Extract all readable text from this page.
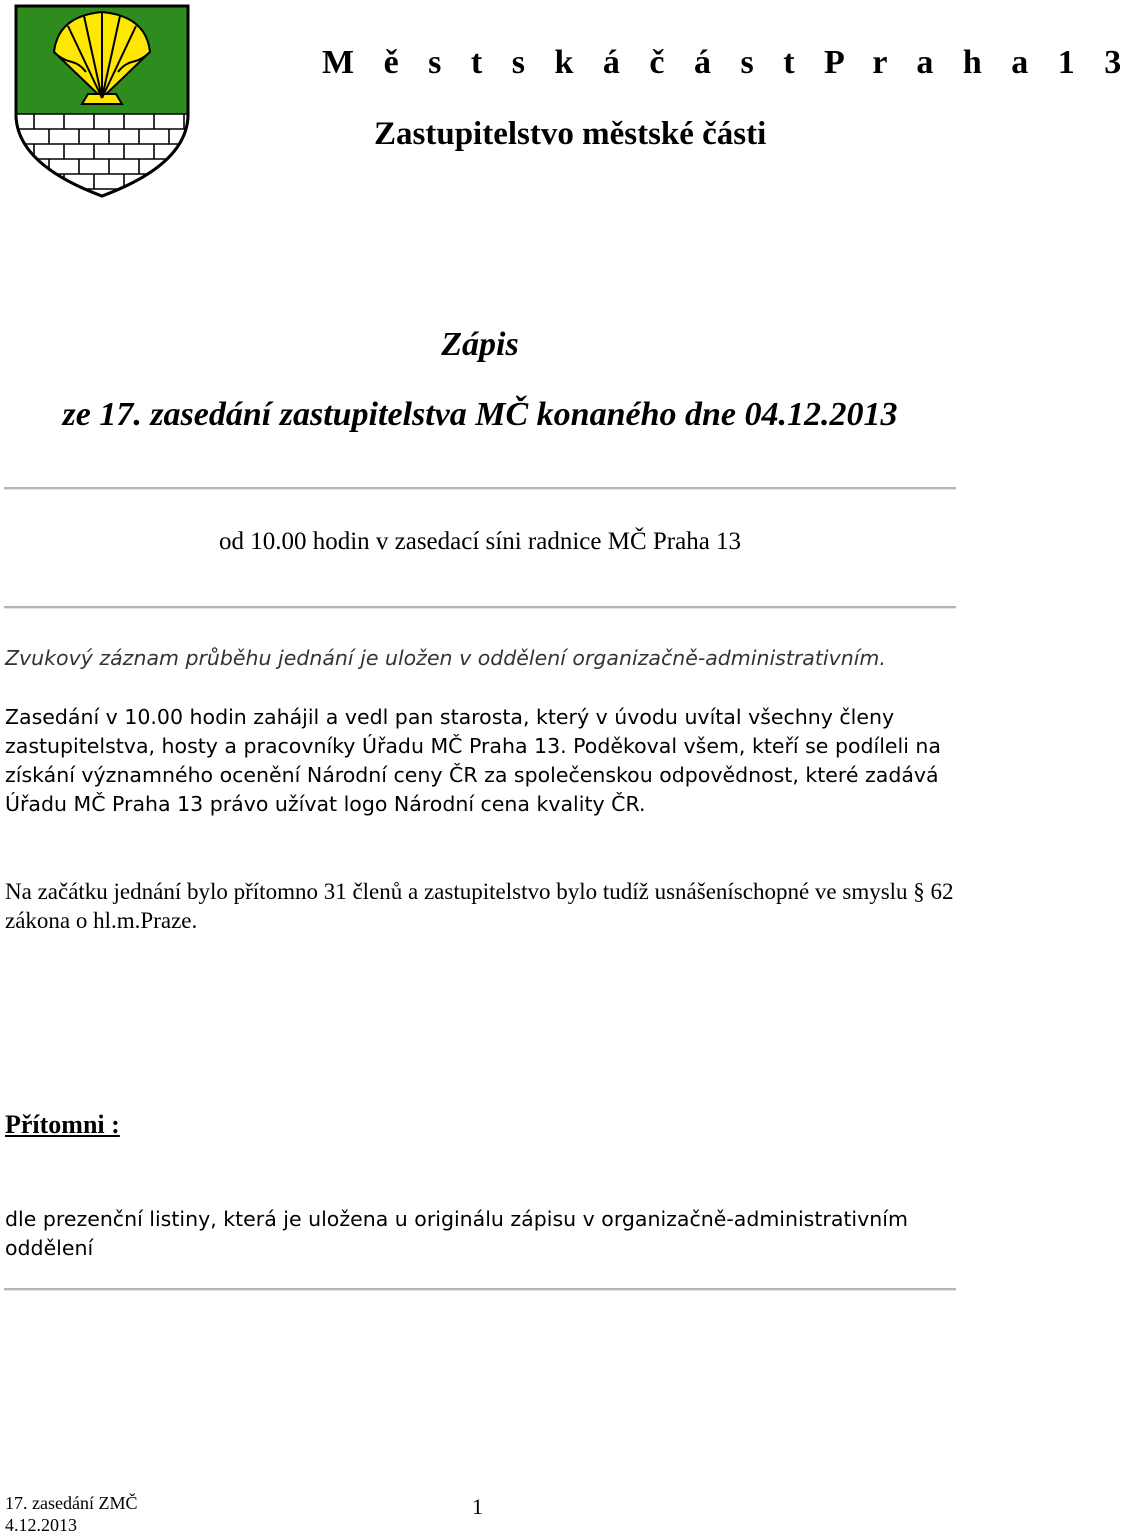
M ě s t s k á č á s t P r a h a 1 3
Zastupitelstvo městské části
Zápis
ze 17. zasedání zastupitelstva MČ konaného dne 04.12.2013
od 10.00 hodin v zasedací síni radnice MČ Praha 13
Zvukový záznam průběhu jednání je uložen v oddělení organizačně-administrativním.
Zasedání v 10.00 hodin zahájil a vedl pan starosta, který v úvodu uvítal všechny členy zastupitelstva, hosty a pracovníky Úřadu MČ Praha 13. Poděkoval všem, kteří se podíleli na získání významného ocenění Národní ceny ČR za společenskou odpovědnost, které zadává Úřadu MČ Praha 13 právo užívat logo Národní cena kvality ČR.
Na začátku jednání bylo přítomno 31 členů a zastupitelstvo bylo tudíž usnášeníschopné ve smyslu § 62 zákona o hl.m.Praze.
Přítomni :
dle prezenční listiny, která je uložena u originálu zápisu v organizačně-administrativním oddělení
17. zasedání ZMČ
4.12.2013
1
